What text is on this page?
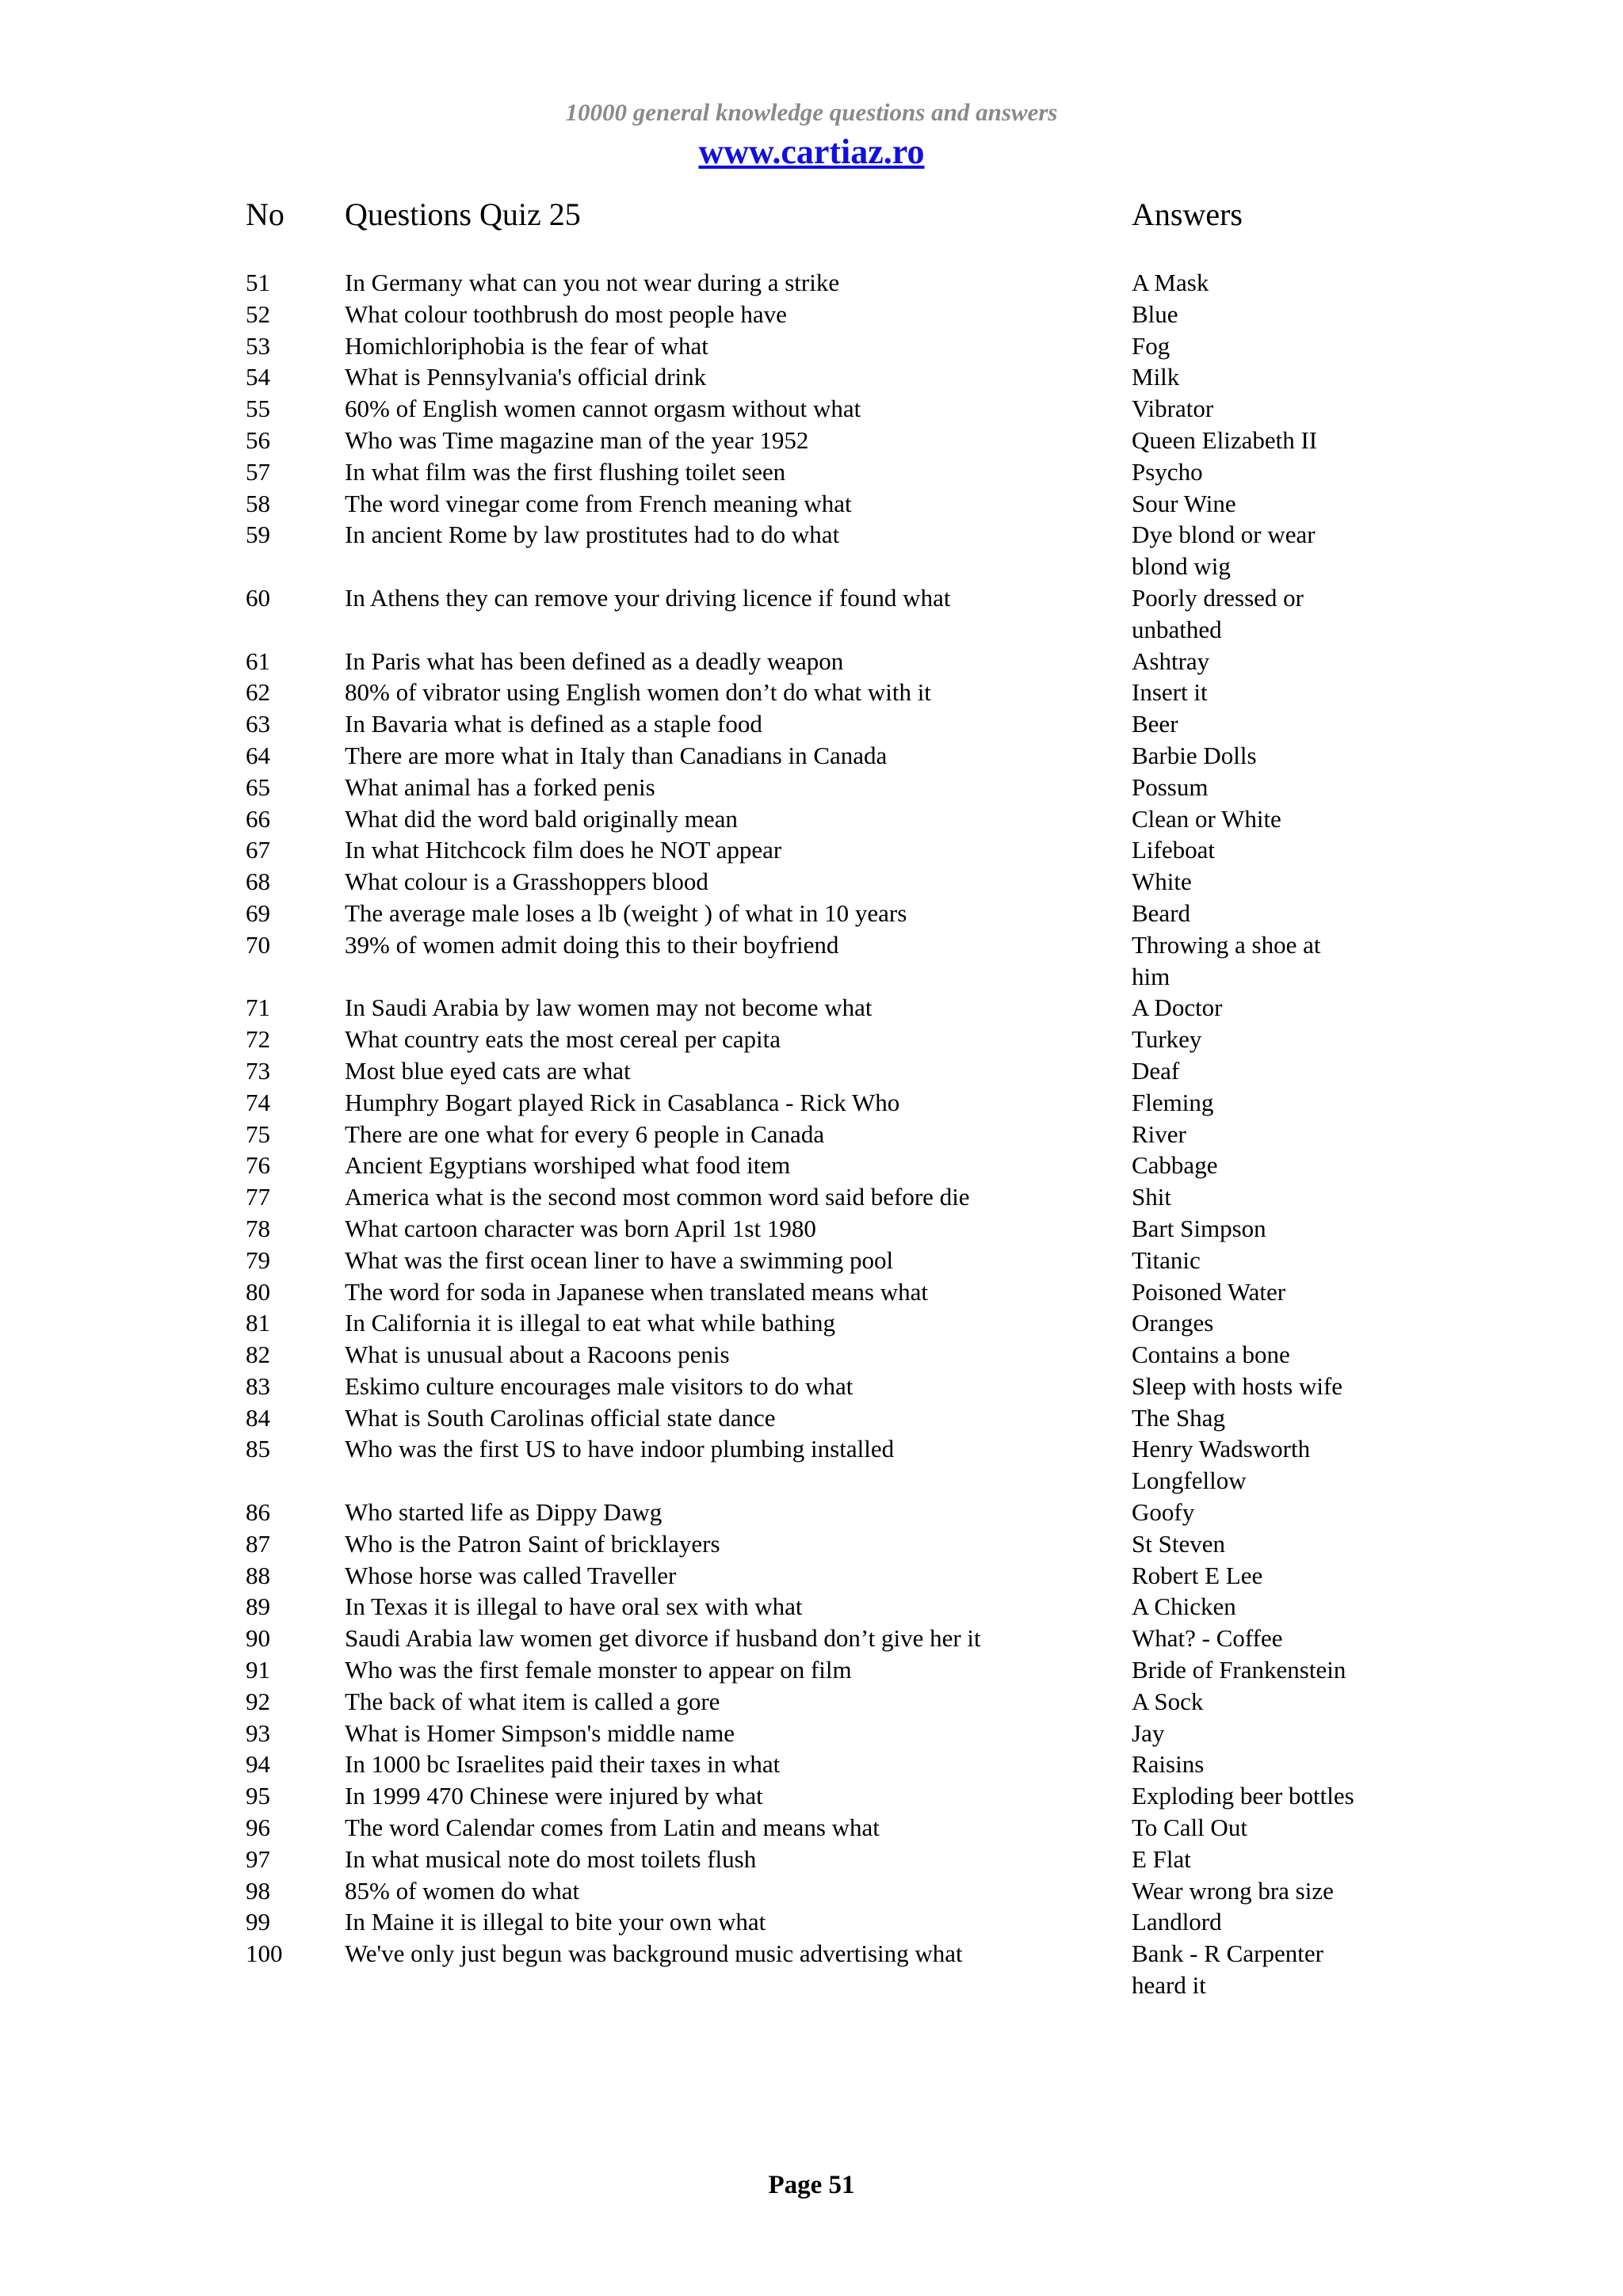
10000 general knowledge questions and answers
www.cartiaz.ro
No Questions Quiz 25	Answers
51	In Germany what can you not wear during a strike	A Mask
52	What colour toothbrush do most people have	Blue
53	Homichloriphobia is the fear of what	Fog
54	What is Pennsylvania's official drink	Milk
55	60% of English women cannot orgasm without what	Vibrator
56	Who was Time magazine man of the year 1952	Queen Elizabeth II
57	In what film was the first flushing toilet seen	Psycho
58	The word vinegar come from French meaning what	Sour Wine
59	In ancient Rome by law prostitutes had to do what	Dye blond or wear
blond wig
60	In Athens they can remove your driving licence if found what	Poorly dressed or
unbathed
61	In Paris what has been defined as a deadly weapon	Ashtray
62	80% of vibrator using English women don’t do what with it	Insert it
63	In Bavaria what is defined as a staple food	Beer
64	There are more what in Italy than Canadians in Canada	Barbie Dolls
65	What animal has a forked penis	Possum
66	What did the word bald originally mean	Clean or White
67	In what Hitchcock film does he NOT appear	Lifeboat
68	What colour is a Grasshoppers blood	White
69	The average male loses a lb (weight ) of what in 10 years	Beard
70	39% of women admit doing this to their boyfriend	Throwing a shoe at
him
71	In Saudi Arabia by law women may not become what	A Doctor
72	What country eats the most cereal per capita	Turkey
73	Most blue eyed cats are what	Deaf
74	Humphry Bogart played Rick in Casablanca - Rick Who	Fleming
75	There are one what for every 6 people in Canada	River
76	Ancient Egyptians worshiped what food item	Cabbage
77	America what is the second most common word said before die	Shit
78	What cartoon character was born April 1st 1980	Bart Simpson
79	What was the first ocean liner to have a swimming pool	Titanic
80	The word for soda in Japanese when translated means what	Poisoned Water
81	In California it is illegal to eat what while bathing	Oranges
82	What is unusual about a Racoons penis	Contains a bone
83	Eskimo culture encourages male visitors to do what	Sleep with hosts wife
84	What is South Carolinas official state dance	The Shag
85	Who was the first US to have indoor plumbing installed	Henry Wadsworth
Longfellow
86	Who started life as Dippy Dawg	Goofy
87	Who is the Patron Saint of bricklayers	St Steven
88	Whose horse was called Traveller	Robert E Lee
89	In Texas it is illegal to have oral sex with what	A Chicken
90	Saudi Arabia law women get divorce if husband don’t give her it	What? - Coffee
91	Who was the first female monster to appear on film	Bride of Frankenstein
92	The back of what item is called a gore	A Sock
93	What is Homer Simpson's middle name	Jay
94	In 1000 bc Israelites paid their taxes in what	Raisins
95	In 1999 470 Chinese were injured by what	Exploding beer bottles
96	The word Calendar comes from Latin and means what	To Call Out
97	In what musical note do most toilets flush	E Flat
98	85% of women do what	Wear wrong bra size
99	In Maine it is illegal to bite your own what	Landlord
100	We've only just begun was background music advertising what	Bank - R Carpenter
heard it
Page 51
